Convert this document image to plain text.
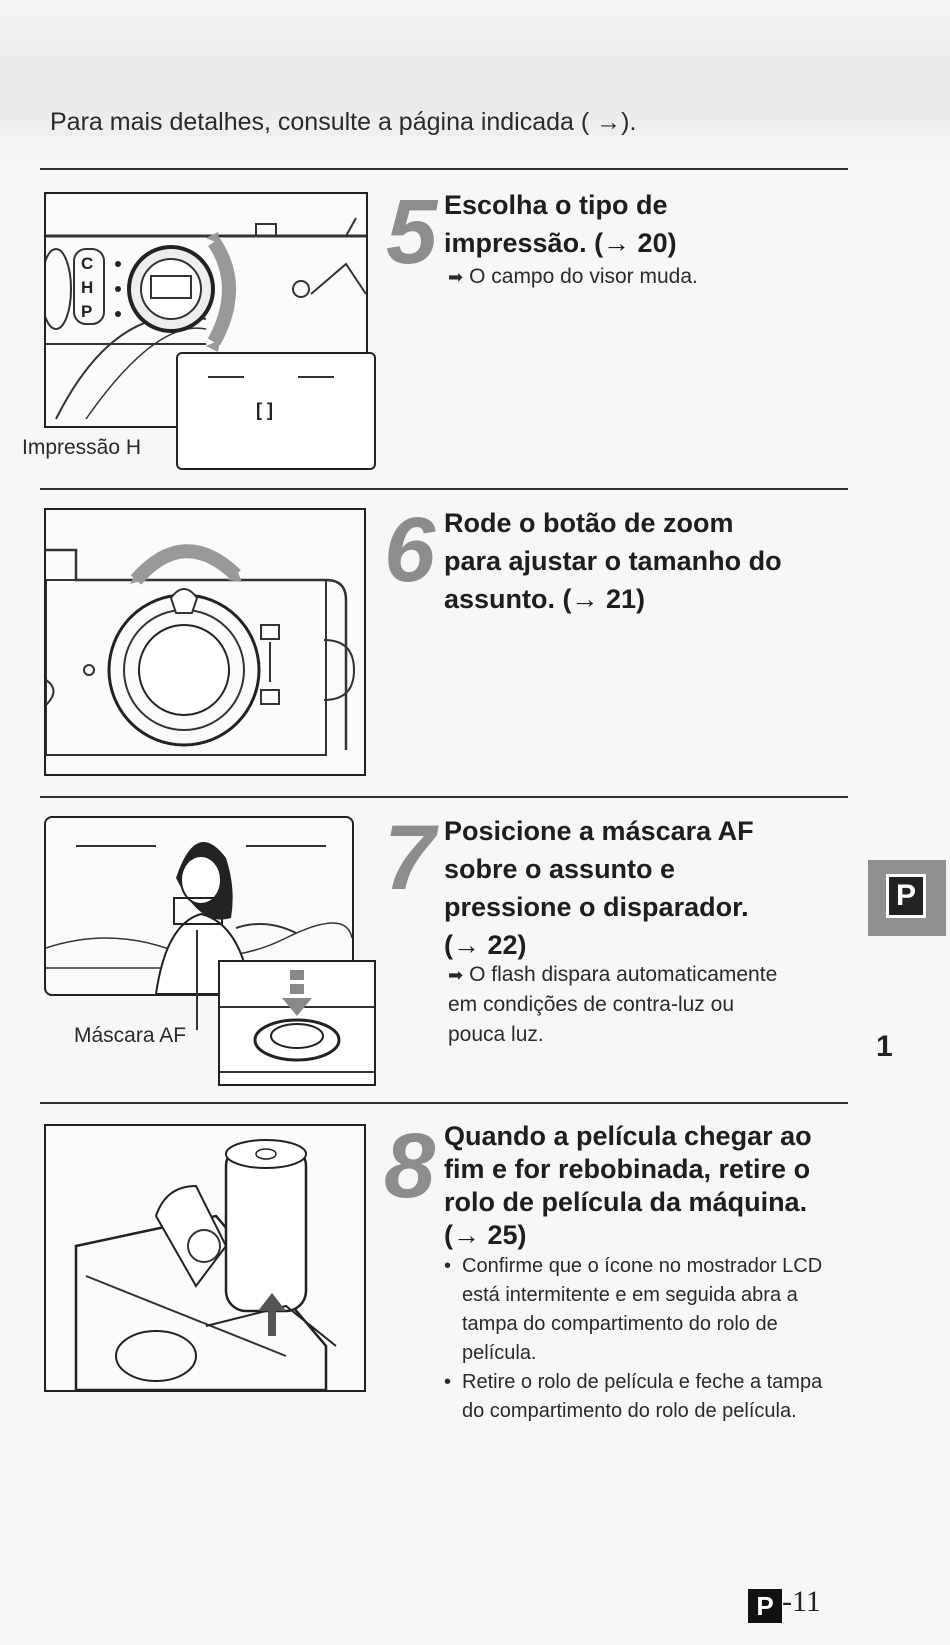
Para mais detalhes, consulte a página indicada ( →).
C
H
P
[ ]
Impressão H
5 Escolha o tipo de impressão. (→ 20)
➡ O campo do visor muda.
6 Rode o botão de zoom para ajustar o tamanho do assunto. (→ 21)
Máscara AF
7 Posicione a máscara AF sobre o assunto e pressione o disparador. (→ 22)
➡ O flash dispara automaticamente em condições de contra-luz ou pouca luz.
8 Quando a película chegar ao fim e for rebobinada, retire o rolo de película da máquina. (→ 25)
• Confirme que o ícone no mostrador LCD está intermitente e em seguida abra a tampa do compartimento do rolo de película.
• Retire o rolo de película e feche a tampa do compartimento do rolo de película.
P
1
P -11
